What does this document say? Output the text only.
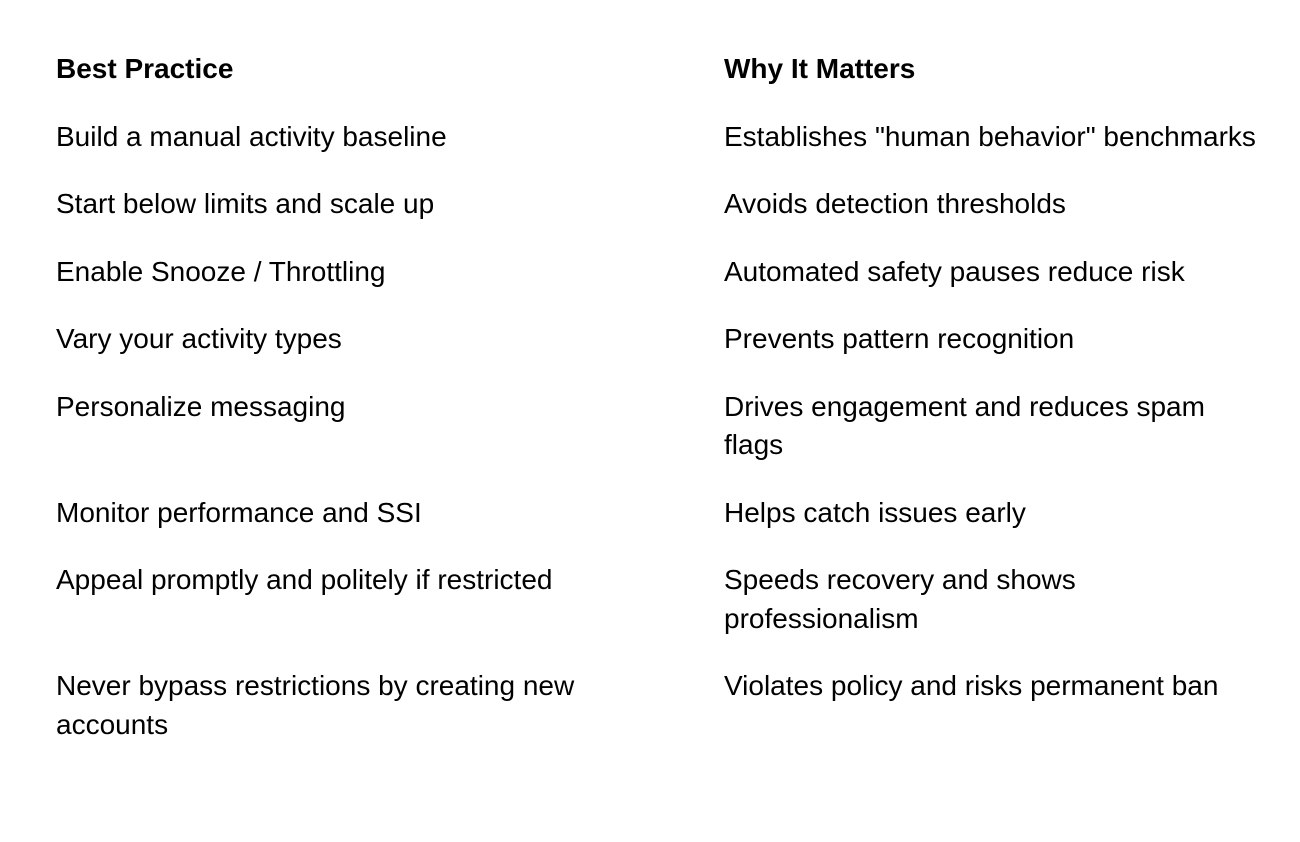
Best Practice	Why It Matters
Build a manual activity baseline	Establishes "human behavior" benchmarks
Start below limits and scale up	Avoids detection thresholds
Enable Snooze / Throttling	Automated safety pauses reduce risk
Vary your activity types	Prevents pattern recognition
Personalize messaging	Drives engagement and reduces spam flags
Monitor performance and SSI	Helps catch issues early
Appeal promptly and politely if restricted	Speeds recovery and shows professionalism
Never bypass restrictions by creating new accounts	Violates policy and risks permanent ban
